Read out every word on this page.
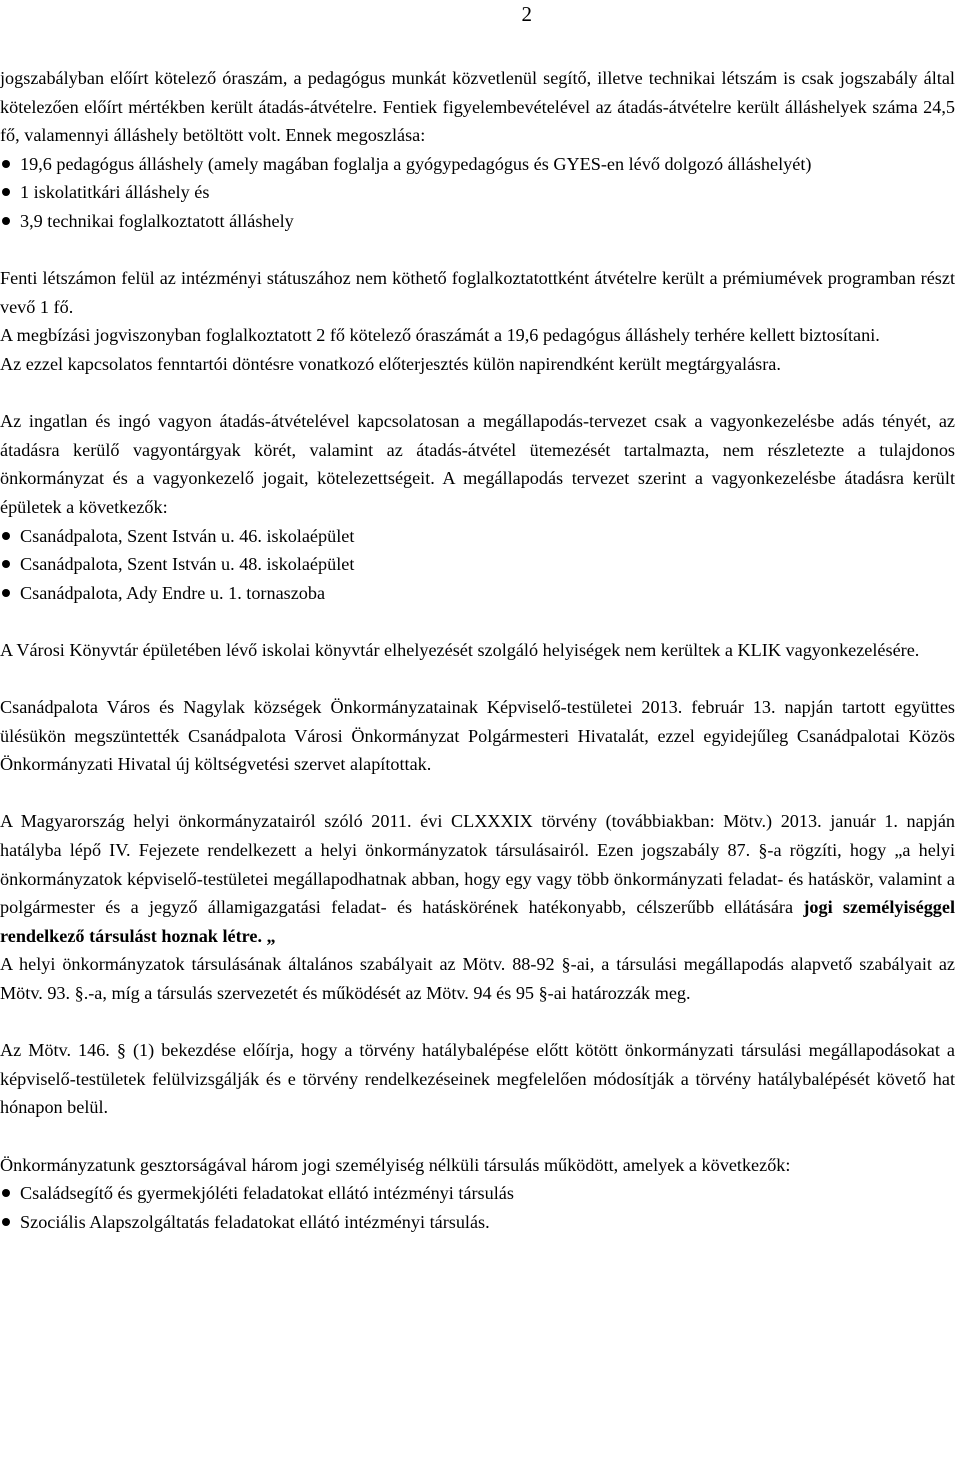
2

jogszabályban előírt kötelező óraszám, a pedagógus munkát közvetlenül segítő, illetve technikai létszám is csak jogszabály által kötelezően előírt mértékben került átadás-átvételre. Fentiek figyelembevételével az átadás-átvételre került álláshelyek száma 24,5 fő, valamennyi álláshely betöltött volt. Ennek megoszlása:

19,6 pedagógus álláshely (amely magában foglalja a gyógypedagógus és GYES-en lévő dolgozó álláshelyét)
1 iskolatitkári álláshely és
3,9 technikai foglalkoztatott álláshely

Fenti létszámon felül az intézményi státuszához nem köthető foglalkoztatottként átvételre került a prémiumévek programban részt vevő 1 fő.

A megbízási jogviszonyban foglalkoztatott 2 fő kötelező óraszámát a 19,6 pedagógus álláshely terhére kellett biztosítani.

Az ezzel kapcsolatos fenntartói döntésre vonatkozó előterjesztés külön napirendként került megtárgyalásra.

Az ingatlan és ingó vagyon átadás-átvételével kapcsolatosan a megállapodás-tervezet csak a vagyonkezelésbe adás tényét, az átadásra kerülő vagyontárgyak körét, valamint az átadás-átvétel ütemezését tartalmazta, nem részletezte a tulajdonos önkormányzat és a vagyonkezelő jogait, kötelezettségeit. A megállapodás tervezet szerint a vagyonkezelésbe átadásra került épületek a következők:

Csanádpalota, Szent István u. 46. iskolaépület
Csanádpalota, Szent István u. 48. iskolaépület
Csanádpalota, Ady Endre u. 1. tornaszoba

A Városi Könyvtár épületében lévő iskolai könyvtár elhelyezését szolgáló helyiségek nem kerültek a KLIK vagyonkezelésére.

Csanádpalota Város és Nagylak községek Önkormányzatainak Képviselő-testületei 2013. február 13. napján tartott együttes ülésükön megszüntették Csanádpalota Városi Önkormányzat Polgármesteri Hivatalát, ezzel egyidejűleg Csanádpalotai Közös Önkormányzati Hivatal új költségvetési szervet alapítottak.

A Magyarország helyi önkormányzatairól szóló 2011. évi CLXXXIX törvény (továbbiakban: Mötv.) 2013. január 1. napján hatályba lépő IV. Fejezete rendelkezett a helyi önkormányzatok társulásairól. Ezen jogszabály 87. §-a rögzíti, hogy „a helyi önkormányzatok képviselő-testületei megállapodhatnak abban, hogy egy vagy több önkormányzati feladat- és hatáskör, valamint a polgármester és a jegyző államigazgatási feladat- és hatáskörének hatékonyabb, célszerűbb ellátására jogi személyiséggel rendelkező társulást hoznak létre. „

A helyi önkormányzatok társulásának általános szabályait az Mötv. 88-92 §-ai, a társulási megállapodás alapvető szabályait az Mötv. 93. §.-a, míg a társulás szervezetét és működését az Mötv. 94 és 95 §-ai határozzák meg.

Az Mötv. 146. § (1) bekezdése előírja, hogy a törvény hatálybalépése előtt kötött önkormányzati társulási megállapodásokat a képviselő-testületek felülvizsgálják és e törvény rendelkezéseinek megfelelően módosítják a törvény hatálybalépését követő hat hónapon belül.

Önkormányzatunk gesztorságával három jogi személyiség nélküli társulás működött, amelyek a következők:

Családsegítő és gyermekjóléti feladatokat ellátó intézményi társulás
Szociális Alapszolgáltatás feladatokat ellátó intézményi társulás.
